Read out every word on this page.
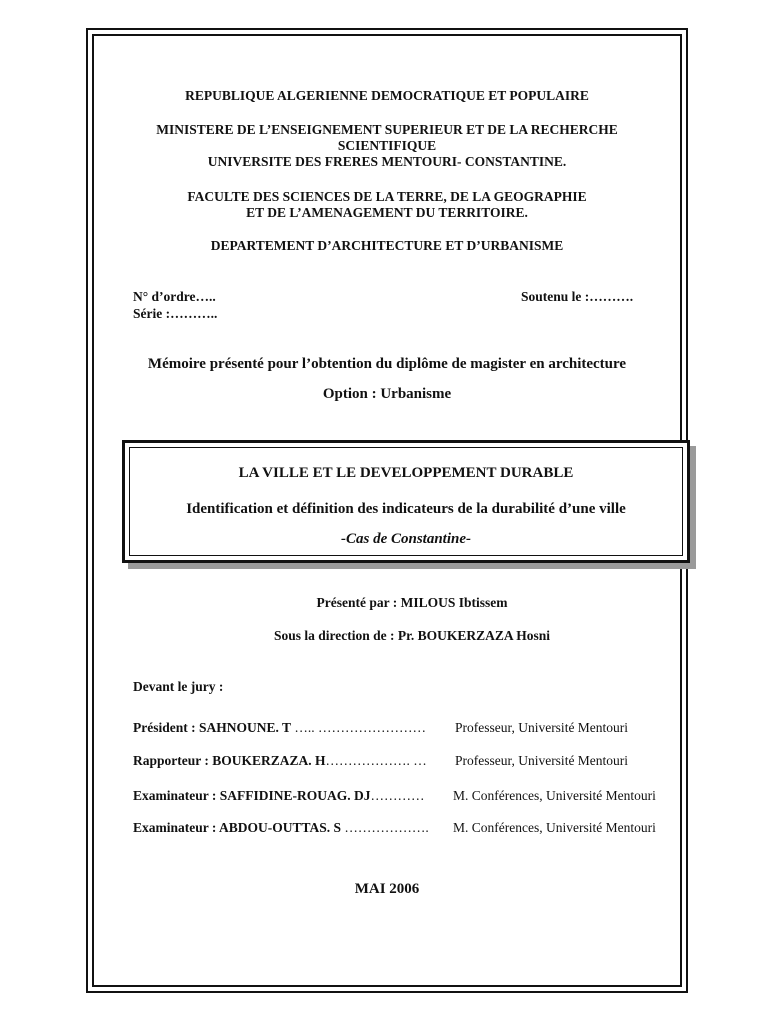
REPUBLIQUE ALGERIENNE DEMOCRATIQUE ET POPULAIRE
MINISTERE DE L’ENSEIGNEMENT SUPERIEUR ET DE LA RECHERCHE
SCIENTIFIQUE
UNIVERSITE DES FRERES MENTOURI- CONSTANTINE.
FACULTE DES SCIENCES DE LA TERRE, DE LA GEOGRAPHIE
ET DE L’AMENAGEMENT DU TERRITOIRE.
DEPARTEMENT D’ARCHITECTURE ET D’URBANISME
N° d’ordre…..
Série :………..
Soutenu le :……….
Mémoire présenté pour l’obtention du diplôme de magister en architecture
Option : Urbanisme
LA VILLE ET LE DEVELOPPEMENT DURABLE
Identification et définition des indicateurs de la durabilité d’une ville
-Cas de Constantine-
Présenté par : MILOUS Ibtissem
Sous la direction de : Pr. BOUKERZAZA Hosni
Devant le jury :
Président : SAHNOUNE. T ….. …………………… Professeur, Université Mentouri
Rapporteur : BOUKERZAZA. H………………. … Professeur, Université Mentouri
Examinateur : SAFFIDINE-ROUAG. DJ………… M. Conférences, Université Mentouri
Examinateur : ABDOU-OUTTAS. S ………………. M. Conférences, Université Mentouri
MAI 2006
